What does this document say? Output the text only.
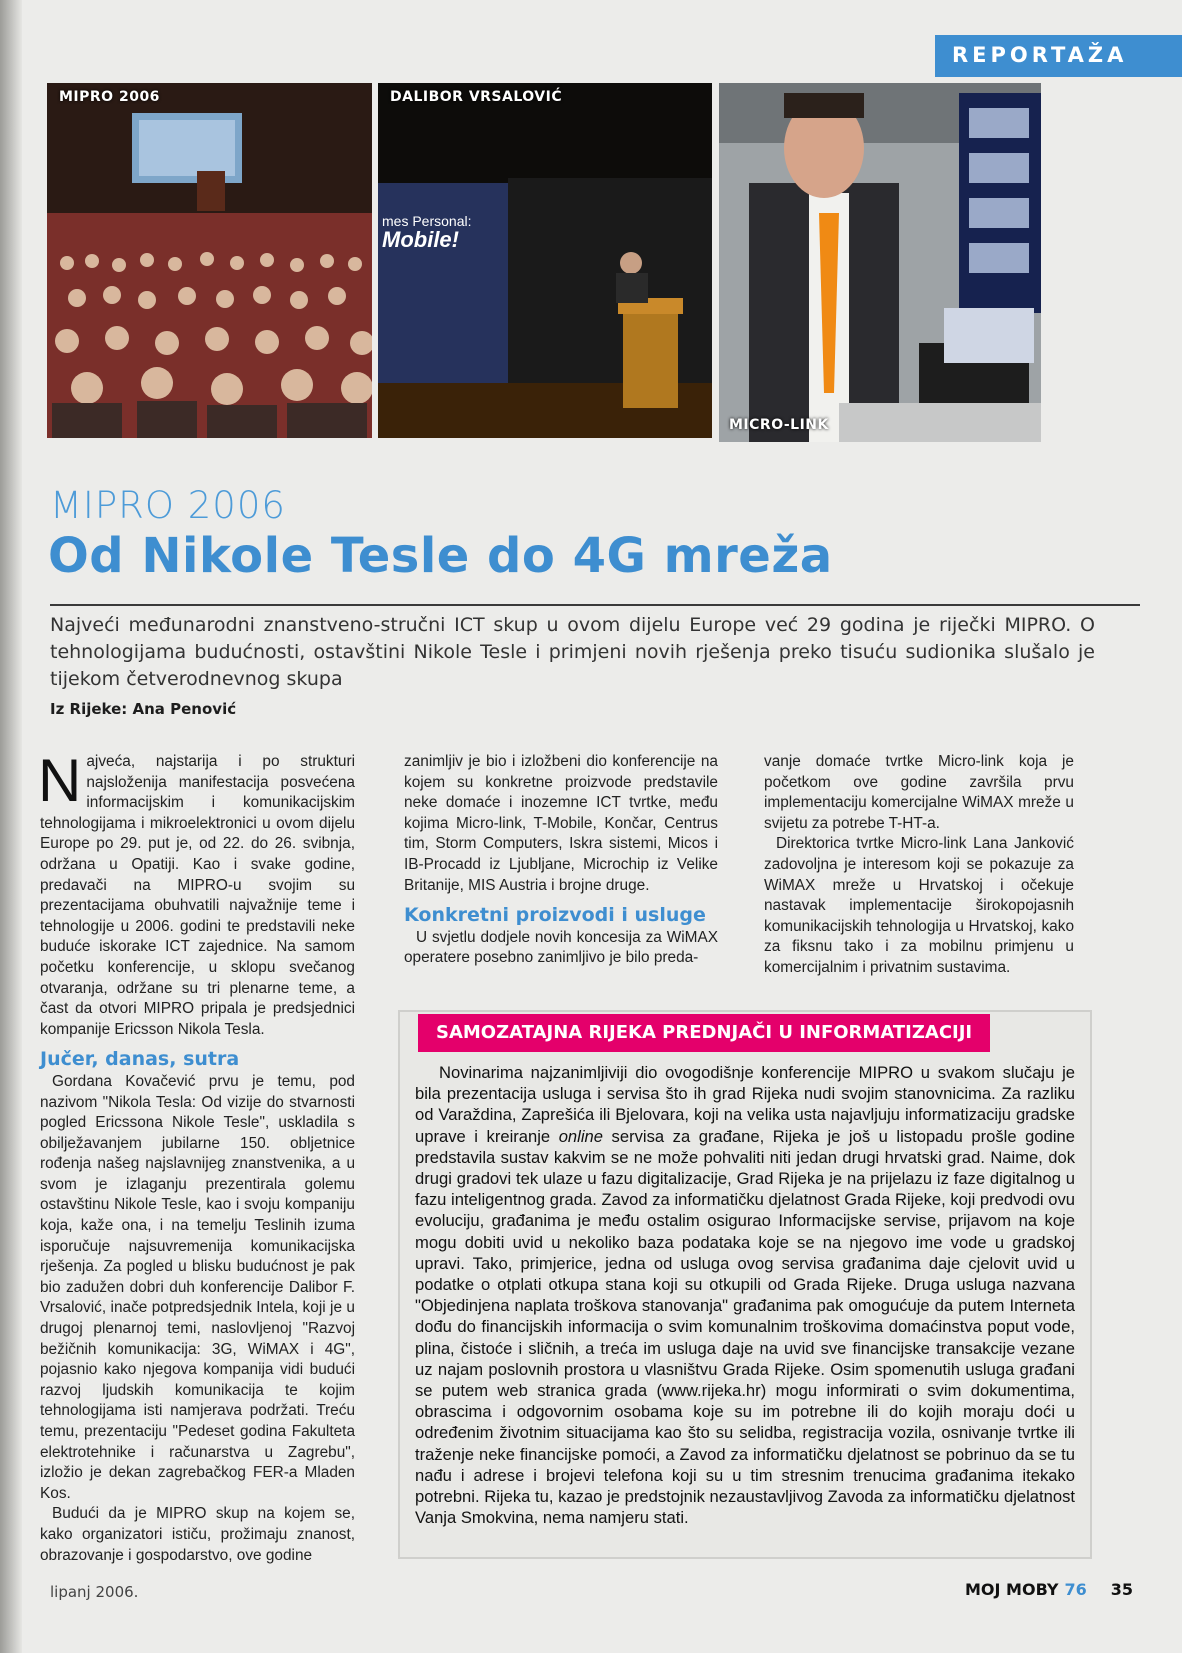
REPORTAŽA
MIPRO 2006	DALIBOR VRSALOVIĆ
mes Personal:
Mobile!
MICRO-LINK
MIPRO 2006
Od Nikole Tesle do 4G mreža
Najveći međunarodni znanstveno-stručni ICT skup u ovom dijelu Europe već 29 godina je riječki MIPRO. O tehnologijama budućnosti, ostavštini Nikole Tesle i primjeni novih rješenja preko tisuću sudionika slušalo je tijekom četverodnevnog skupa
Iz Rijeke: Ana Penović

Najveća, najstarija i po strukturi najsloženija manifestacija posvećena informacijskim i komunikacijskim tehnologijama i mikroelektronici u ovom dijelu Europe po 29. put je, od 22. do 26. svibnja, održana u Opatiji. Kao i svake godine, predavači na MIPRO-u svojim su prezentacijama obuhvatili najvažnije teme i tehnologije u 2006. godini te predstavili neke buduće iskorake ICT zajednice. Na samom početku konferencije, u sklopu svečanog otvaranja, održane su tri plenarne teme, a čast da otvori MIPRO pripala je predsjednici kompanije Ericsson Nikola Tesla.

Jučer, danas, sutra

Gordana Kovačević prvu je temu, pod nazivom "Nikola Tesla: Od vizije do stvarnosti pogled Ericssona Nikole Tesle", uskladila s obilježavanjem jubilarne 150. obljetnice rođenja našeg najslavnijeg znanstvenika, a u svom je izlaganju prezentirala golemu ostavštinu Nikole Tesle, kao i svoju kompaniju koja, kaže ona, i na temelju Teslinih izuma isporučuje najsuvremenija komunikacijska rješenja. Za pogled u blisku budućnost je pak bio zadužen dobri duh konferencije Dalibor F. Vrsalović, inače potpredsjednik Intela, koji je u drugoj plenarnoj temi, naslovljenoj "Razvoj bežičnih komunikacija: 3G, WiMAX i 4G", pojasnio kako njegova kompanija vidi budući razvoj ljudskih komunikacija te kojim tehnologijama isti namjerava podržati. Treću temu, prezentaciju "Pedeset godina Fakulteta elektrotehnike i računarstva u Zagrebu", izložio je dekan zagrebačkog FER-a Mladen Kos.

Budući da je MIPRO skup na kojem se, kako organizatori ističu, prožimaju znanost, obrazovanje i gospodarstvo, ove godine

zanimljiv je bio i izložbeni dio konferencije na kojem su konkretne proizvode predstavile neke domaće i inozemne ICT tvrtke, među kojima Micro-link, T-Mobile, Končar, Centrus tim, Storm Computers, Iskra sistemi, Micos i IB-Procadd iz Ljubljane, Microchip iz Velike Britanije, MIS Austria i brojne druge.

Konkretni proizvodi i usluge

U svjetlu dodjele novih koncesija za WiMAX operatere posebno zanimljivo je bilo preda-

vanje domaće tvrtke Micro-link koja je početkom ove godine završila prvu implementaciju komercijalne WiMAX mreže u svijetu za potrebe T-HT-a.

Direktorica tvrtke Micro-link Lana Janković zadovoljna je interesom koji se pokazuje za WiMAX mreže u Hrvatskoj i očekuje nastavak implementacije širokopojasnih komunikacijskih tehnologija u Hrvatskoj, kako za fiksnu tako i za mobilnu primjenu u komercijalnim i privatnim sustavima.

SAMOZATAJNA RIJEKA PREDNJAČI U INFORMATIZACIJI
Novinarima najzanimljiviji dio ovogodišnje konferencije MIPRO u svakom slučaju je bila prezentacija usluga i servisa što ih grad Rijeka nudi svojim stanovnicima. Za razliku od Varaždina, Zaprešića ili Bjelovara, koji na velika usta najavljuju informatizaciju gradske uprave i kreiranje online servisa za građane, Rijeka je još u listopadu prošle godine predstavila sustav kakvim se ne može pohvaliti niti jedan drugi hrvatski grad. Naime, dok drugi gradovi tek ulaze u fazu digitalizacije, Grad Rijeka je na prijelazu iz faze digitalnog u fazu inteligentnog grada. Zavod za informatičku djelatnost Grada Rijeke, koji predvodi ovu evoluciju, građanima je među ostalim osigurao Informacijske servise, prijavom na koje mogu dobiti uvid u nekoliko baza podataka koje se na njegovo ime vode u gradskoj upravi. Tako, primjerice, jedna od usluga ovog servisa građanima daje cjelovit uvid u podatke o otplati otkupa stana koji su otkupili od Grada Rijeke. Druga usluga nazvana "Objedinjena naplata troškova stanovanja" građanima pak omogućuje da putem Interneta dođu do financijskih informacija o svim komunalnim troškovima domaćinstva poput vode, plina, čistoće i sličnih, a treća im usluga daje na uvid sve financijske transakcije vezane uz najam poslovnih prostora u vlasništvu Grada Rijeke. Osim spomenutih usluga građani se putem web stranica grada (www.rijeka.hr) mogu informirati o svim dokumentima, obrascima i odgovornim osobama koje su im potrebne ili do kojih moraju doći u određenim životnim situacijama kao što su selidba, registracija vozila, osnivanje tvrtke ili traženje neke financijske pomoći, a Zavod za informatičku djelatnost se pobrinuo da se tu nađu i adrese i brojevi telefona koji su u tim stresnim trenucima građanima itekako potrebni. Rijeka tu, kazao je predstojnik nezaustavljivog Zavoda za informatičku djelatnost Vanja Smokvina, nema namjeru stati.
lipanj 2006.	MOJ MOBY 76 35
